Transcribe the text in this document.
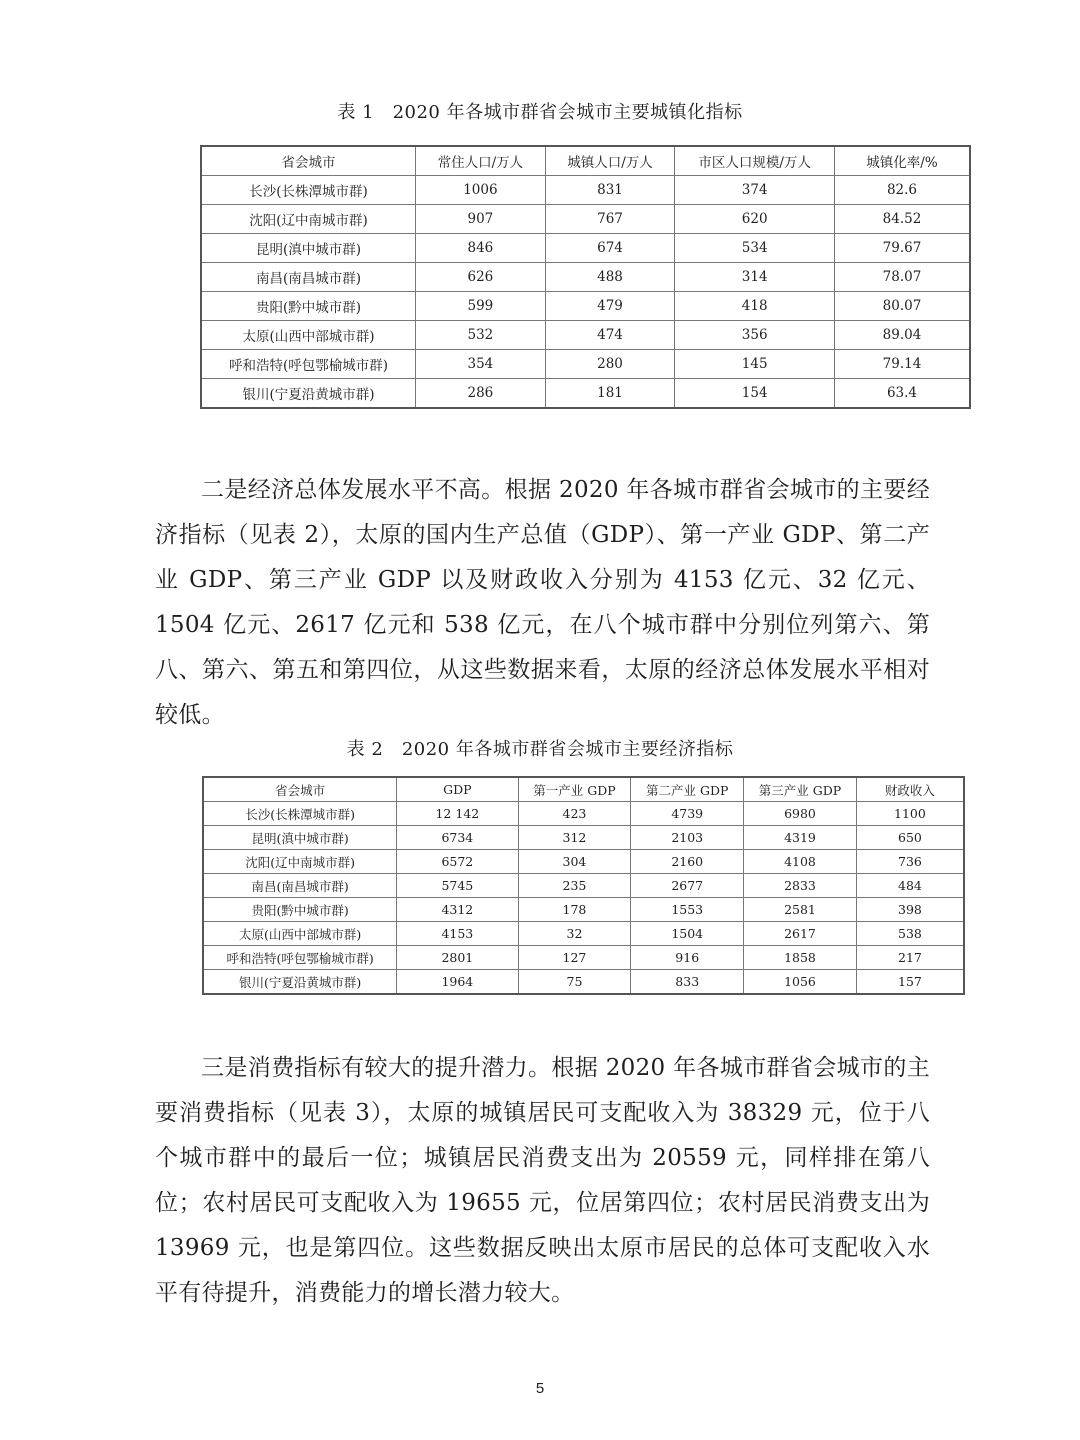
表 1　2020 年各城市群省会城市主要城镇化指标
省会城市	常住人口/万人	城镇人口/万人	市区人口规模/万人	城镇化率/%
长沙(长株潭城市群)	1006	831	374	82.6
沈阳(辽中南城市群)	907	767	620	84.52
昆明(滇中城市群)	846	674	534	79.67
南昌(南昌城市群)	626	488	314	78.07
贵阳(黔中城市群)	599	479	418	80.07
太原(山西中部城市群)	532	474	356	89.04
呼和浩特(呼包鄂榆城市群)	354	280	145	79.14
银川(宁夏沿黄城市群)	286	181	154	63.4

二是经济总体发展水平不高。根据 2020 年各城市群省会城市的主要经济指标（见表 2），太原的国内生产总值（GDP）、第一产业 GDP、第二产业 GDP、第三产业 GDP 以及财政收入分别为 4153 亿元、32 亿元、1504 亿元、2617 亿元和 538 亿元，在八个城市群中分别位列第六、第八、第六、第五和第四位，从这些数据来看，太原的经济总体发展水平相对较低。

表 2　2020 年各城市群省会城市主要经济指标
省会城市	GDP	第一产业 GDP	第二产业 GDP	第三产业 GDP	财政收入
长沙(长株潭城市群)	12 142	423	4739	6980	1100
昆明(滇中城市群)	6734	312	2103	4319	650
沈阳(辽中南城市群)	6572	304	2160	4108	736
南昌(南昌城市群)	5745	235	2677	2833	484
贵阳(黔中城市群)	4312	178	1553	2581	398
太原(山西中部城市群)	4153	32	1504	2617	538
呼和浩特(呼包鄂榆城市群)	2801	127	916	1858	217
银川(宁夏沿黄城市群)	1964	75	833	1056	157

三是消费指标有较大的提升潜力。根据 2020 年各城市群省会城市的主要消费指标（见表 3），太原的城镇居民可支配收入为 38329 元，位于八个城市群中的最后一位；城镇居民消费支出为 20559 元，同样排在第八位；农村居民可支配收入为 19655 元，位居第四位；农村居民消费支出为 13969 元，也是第四位。这些数据反映出太原市居民的总体可支配收入水平有待提升，消费能力的增长潜力较大。

5
